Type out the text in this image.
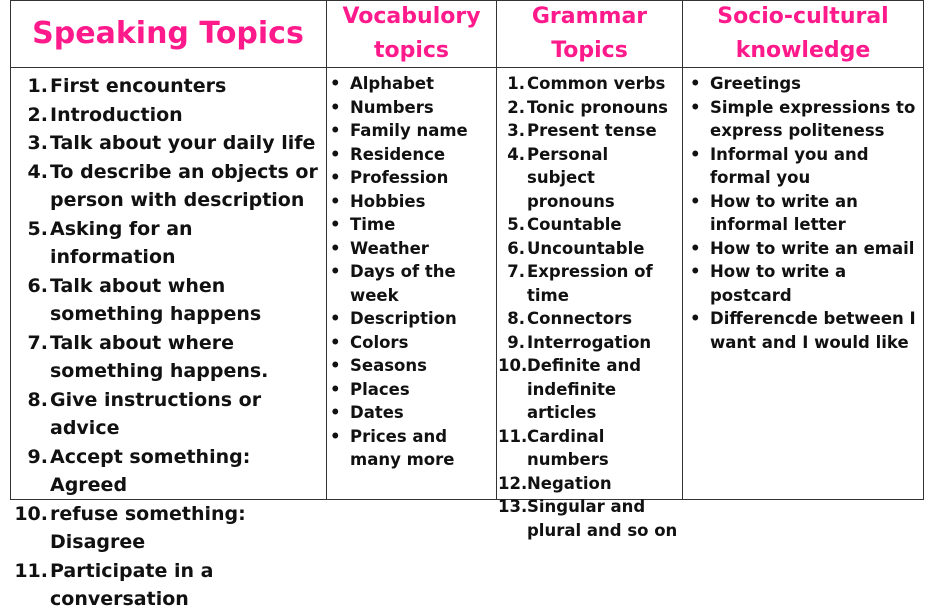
Speaking Topics Vocabulory
topics
Grammar
Topics
Socio-cultural
knowledge
1. First encounters
2. Introduction
3. Talk about your daily life
4. To describe an objects or person with description
5. Asking for an information
6. Talk about when something happens
7. Talk about where something happens.
8. Give instructions or advice
9. Accept something: Agreed
10. refuse something: Disagree
11. Participate in a conversation
• Alphabet
• Numbers
• Family name
• Residence
• Profession
• Hobbies
• Time
• Weather
• Days of the week
• Description
• Colors
• Seasons
• Places
• Dates
• Prices and many more
1. Common verbs
2. Tonic pronouns
3. Present tense
4. Personal subject pronouns
5. Countable
6. Uncountable
7. Expression of time
8. Connectors
9. Interrogation
10. Definite and indefinite articles
11. Cardinal numbers
12. Negation
13. Singular and plural and so on
• Greetings
• Simple expressions to express politeness
• Informal you and formal you
• How to write an informal letter
• How to write an email
• How to write a postcard
• Differencde between I want and I would like
